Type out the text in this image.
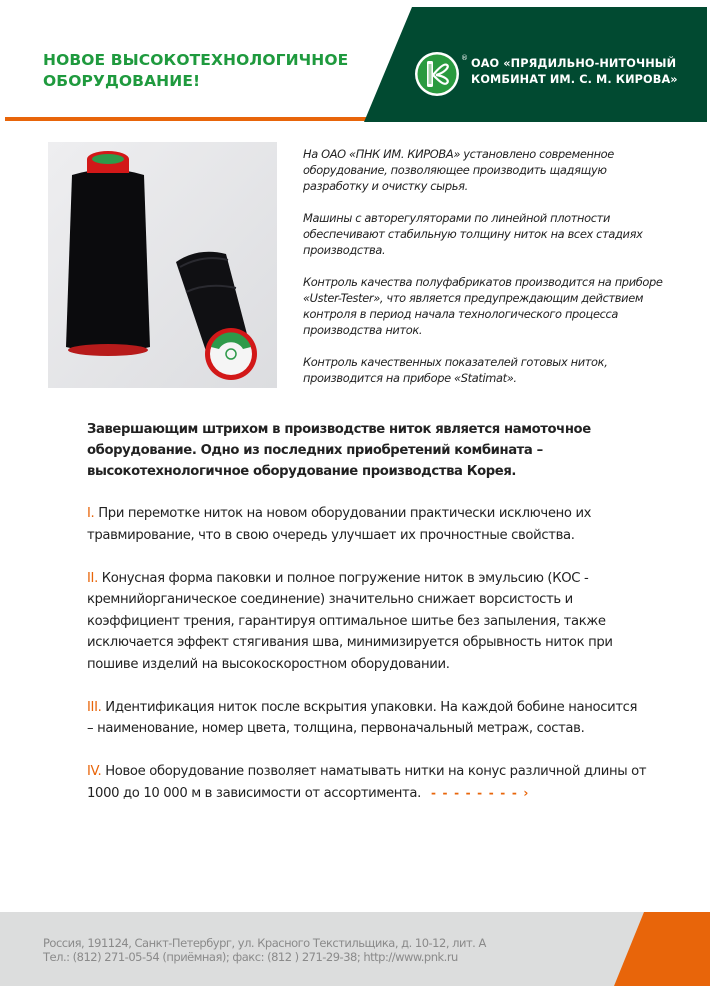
НОВОЕ ВЫСОКОТЕХНОЛОГИЧНОЕ
ОБОРУДОВАНИЕ!
® ОАО «ПРЯДИЛЬНО-НИТОЧНЫЙ
КОМБИНАТ ИМ. С. М. КИРОВА»

На ОАО «ПНК ИМ. КИРОВА» установлено современное оборудование, позволяющее производить щадящую разработку и очистку сырья.

Машины с авторегуляторами по линейной плотности обеспечивают стабильную толщину ниток на всех стадиях производства.

Контроль качества полуфабрикатов производится на приборе «Uster-Tester», что является предупреждающим действием контроля в период начала технологического процесса производства ниток.

Контроль качественных показателей готовых ниток, производится на приборе «Statimat».

Завершающим штрихом в производстве ниток является намоточное оборудование. Одно из последних приобретений комбината – высокотехнологичное оборудование производства Корея.
I. При перемотке ниток на новом оборудовании практически исключено их травмирование, что в свою очередь улучшает их прочностные свойства.
II. Конусная форма паковки и полное погружение ниток в эмульсию (КОС - кремнийорганическое соединение) значительно снижает ворсистость и коэффициент трения, гарантируя оптимальное шитье без запыления, также исключается эффект стягивания шва, минимизируется обрывность ниток при пошиве изделий на высокоскоростном оборудовании.
III. Идентификация ниток после вскрытия упаковки. На каждой бобине наносится
– наименование, номер цвета, толщина, первоначальный метраж, состав.
IV. Новое оборудование позволяет наматывать нитки на конус различной длины от 1000 до 10 000 м в зависимости от ассортимента. - - - - - - - - ›
Россия, 191124, Санкт-Петербург, ул. Красного Текстильщика, д. 10-12, лит. А
Тел.: (812) 271-05-54 (приёмная); факс: (812 ) 271-29-38; http://www.pnk.ru
